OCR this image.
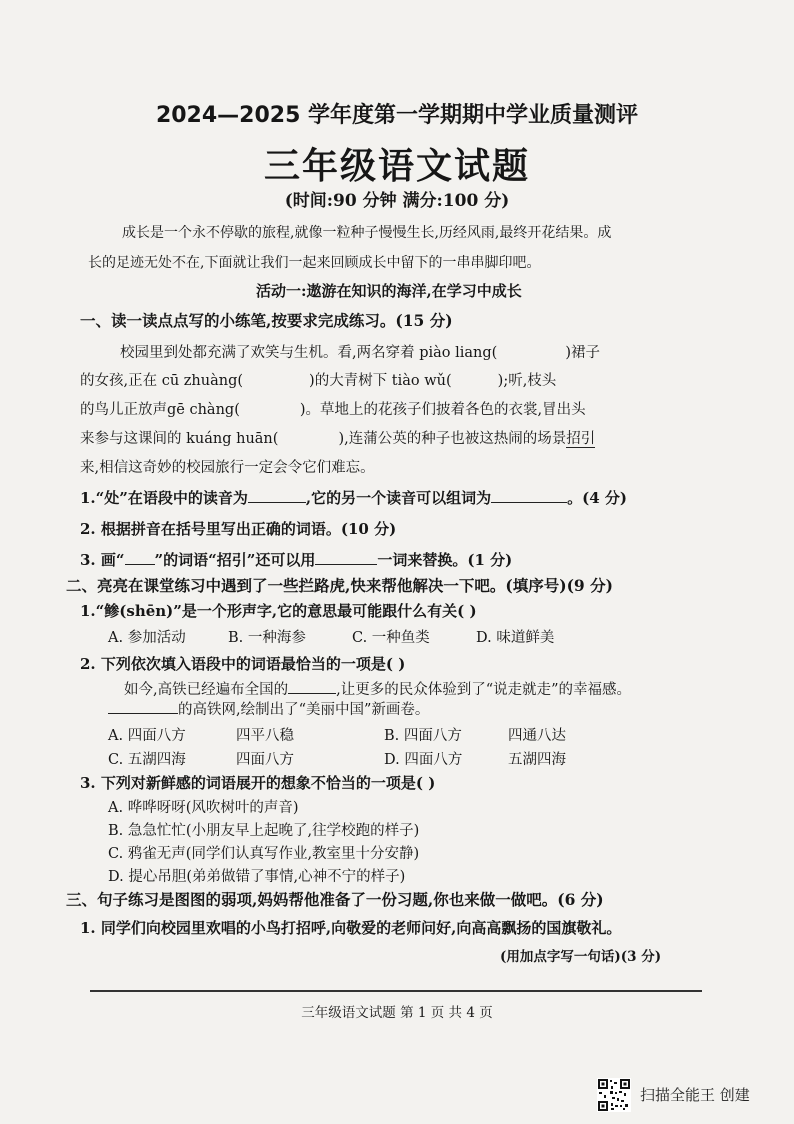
2024—2025 学年度第一学期期中学业质量测评
三年级语文试题
(时间:90 分钟 满分:100 分)
成长是一个永不停歇的旅程,就像一粒种子慢慢生长,历经风雨,最终开花结果。成
长的足迹无处不在,下面就让我们一起来回顾成长中留下的一串串脚印吧。
活动一:遨游在知识的海洋,在学习中成长
一、读一读点点写的小练笔,按要求完成练习。(15 分)
校园里到处都充满了欢笑与生机。看,两名穿着 piào liang(	)裙子
的女孩,正在 cū zhuàng(	)的大青树下 tiào wǔ(	);听,枝头
的鸟儿正放声gē chàng(	)。草地上的花孩子们披着各色的衣裳,冒出头
来参与这课间的 kuáng huān(	),连蒲公英的种子也被这热闹的场景招引
来,相信这奇妙的校园旅行一定会令它们难忘。
1.“处”在语段中的读音为	,它的另一个读音可以组词为	。(4 分)
2. 根据拼音在括号里写出正确的词语。(10 分)
3. 画“ ”的词语“招引”还可以用	一词来替换。(1 分)
二、亮亮在课堂练习中遇到了一些拦路虎,快来帮他解决一下吧。(填序号)(9 分)
1.“鲹(shēn)”是一个形声字,它的意思最可能跟什么有关( )
A. 参加活动	B. 一种海参	C. 一种鱼类	D. 味道鲜美
2. 下列依次填入语段中的词语最恰当的一项是( )
如今,高铁已经遍布全国的	,让更多的民众体验到了“说走就走”的幸福感。
的高铁网,绘制出了“美丽中国”新画卷。
A. 四面八方	四平八稳	B. 四面八方	四通八达
C. 五湖四海	四面八方	D. 四面八方	五湖四海
3. 下列对新鲜感的词语展开的想象不恰当的一项是( )
A. 哗哗呀呀(风吹树叶的声音)
B. 急急忙忙(小朋友早上起晚了,往学校跑的样子)
C. 鸦雀无声(同学们认真写作业,教室里十分安静)
D. 提心吊胆(弟弟做错了事情,心神不宁的样子)
三、句子练习是图图的弱项,妈妈帮他准备了一份习题,你也来做一做吧。(6 分)
1. 同学们向校园里欢唱的小鸟打招呼,向敬爱的老师问好,向高高飘扬的国旗敬礼。
(用加点字写一句话)(3 分)
三年级语文试题 第 1 页 共 4 页
扫描全能王 创建
